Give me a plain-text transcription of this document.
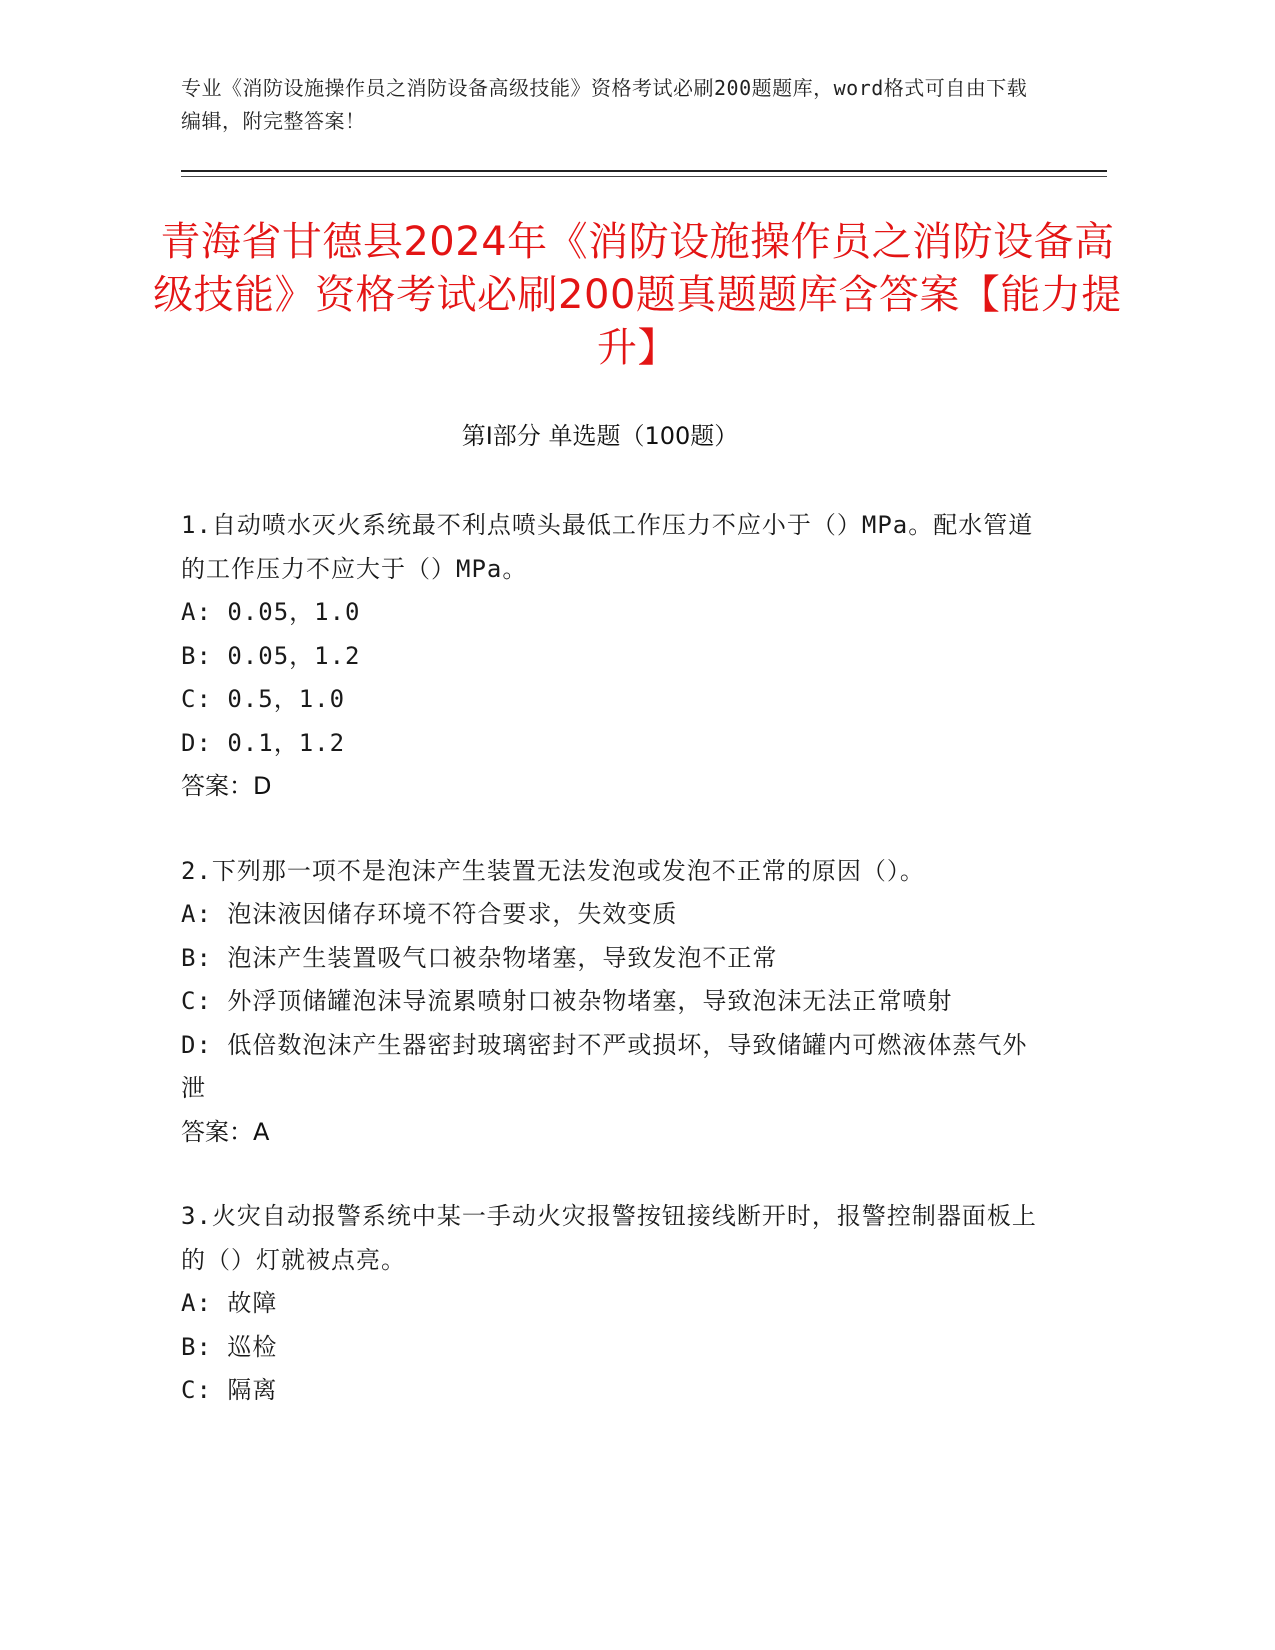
专业《消防设施操作员之消防设备高级技能》资格考试必刷200题题库，word格式可自由下载编辑，附完整答案！
青海省甘德县2024年《消防设施操作员之消防设备高级技能》资格考试必刷200题真题题库含答案【能力提升】
第Ⅰ部分 单选题（100题）

1.自动喷水灭火系统最不利点喷头最低工作压力不应小于（）MPa。配水管道的工作压力不应大于（）MPa。

A: 0.05，1.0

B: 0.05，1.2

C: 0.5，1.0

D: 0.1，1.2

答案：D

2.下列那一项不是泡沫产生装置无法发泡或发泡不正常的原因（）。

A: 泡沫液因储存环境不符合要求，失效变质

B: 泡沫产生装置吸气口被杂物堵塞，导致发泡不正常

C: 外浮顶储罐泡沫导流累喷射口被杂物堵塞，导致泡沫无法正常喷射

D: 低倍数泡沫产生器密封玻璃密封不严或损坏，导致储罐内可燃液体蒸气外泄

答案：A

3.火灾自动报警系统中某一手动火灾报警按钮接线断开时，报警控制器面板上的（）灯就被点亮。

A: 故障

B: 巡检

C: 隔离
